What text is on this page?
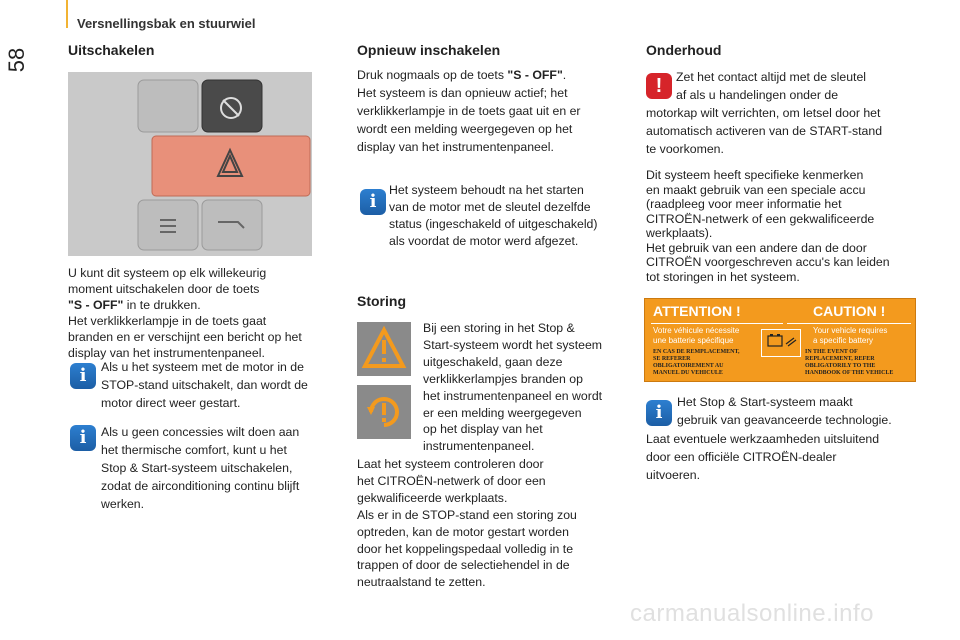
Versnellingsbak en stuurwiel
58	Uitschakelen

U kunt dit systeem op elk willekeurig
moment uitschakelen door de toets
"S - OFF" in te drukken.
Het verklikkerlampje in de toets gaat
branden en er verschijnt een bericht op het
display van het instrumentenpaneel.

i	Als u het systeem met de motor in de
STOP-stand uitschakelt, dan wordt de
motor direct weer gestart.

i	Als u geen concessies wilt doen aan
het thermische comfort, kunt u het
Stop & Start-systeem uitschakelen,
zodat de airconditioning continu blijft
werken.

Opnieuw inschakelen

Druk nogmaals op de toets "S - OFF".
Het systeem is dan opnieuw actief; het
verklikkerlampje in de toets gaat uit en er
wordt een melding weergegeven op het
display van het instrumentenpaneel.

i

Het systeem behoudt na het starten
van de motor met de sleutel dezelfde
status (ingeschakeld of uitgeschakeld)
als voordat de motor werd afgezet.

Storing

Bij een storing in het Stop &
Start-systeem wordt het systeem
uitgeschakeld, gaan deze
verklikkerlampjes branden op
het instrumentenpaneel en wordt
er een melding weergegeven
op het display van het
instrumentenpaneel.

Laat het systeem controleren door
het CITROËN-netwerk of door een
gekwalificeerde werkplaats.
Als er in de STOP-stand een storing zou
optreden, kan de motor gestart worden
door het koppelingspedaal volledig in te
trappen of door de selectiehendel in de
neutraalstand te zetten.

Onderhoud
!	Zet het contact altijd met de sleutel
af als u handelingen onder de

motorkap wilt verrichten, om letsel door het
automatisch activeren van de START-stand
te voorkomen.

Dit systeem heeft specifieke kenmerken
en maakt gebruik van een speciale accu
(raadpleeg voor meer informatie het
CITROËN-netwerk of een gekwalificeerde
werkplaats).
Het gebruik van een andere dan de door
CITROËN voorgeschreven accu's kan leiden
tot storingen in het systeem.

ATTENTION !	CAUTION !
Votre véhicule nécessite
une batterie spécifique
Your vehicle requires
a specific battery
EN CAS DE REMPLACEMENT,
SE REFERER
OBLIGATOIREMENT AU
MANUEL DU VEHICULE
IN THE EVENT OF
REPLACEMENT, REFER
OBLIGATORILY TO THE
HANDBOOK OF THE VEHICLE
i	Het Stop & Start-systeem maakt
gebruik van geavanceerde technologie.

Laat eventuele werkzaamheden uitsluitend
door een officiële CITROËN-dealer
uitvoeren.

carmanualsonline.info
